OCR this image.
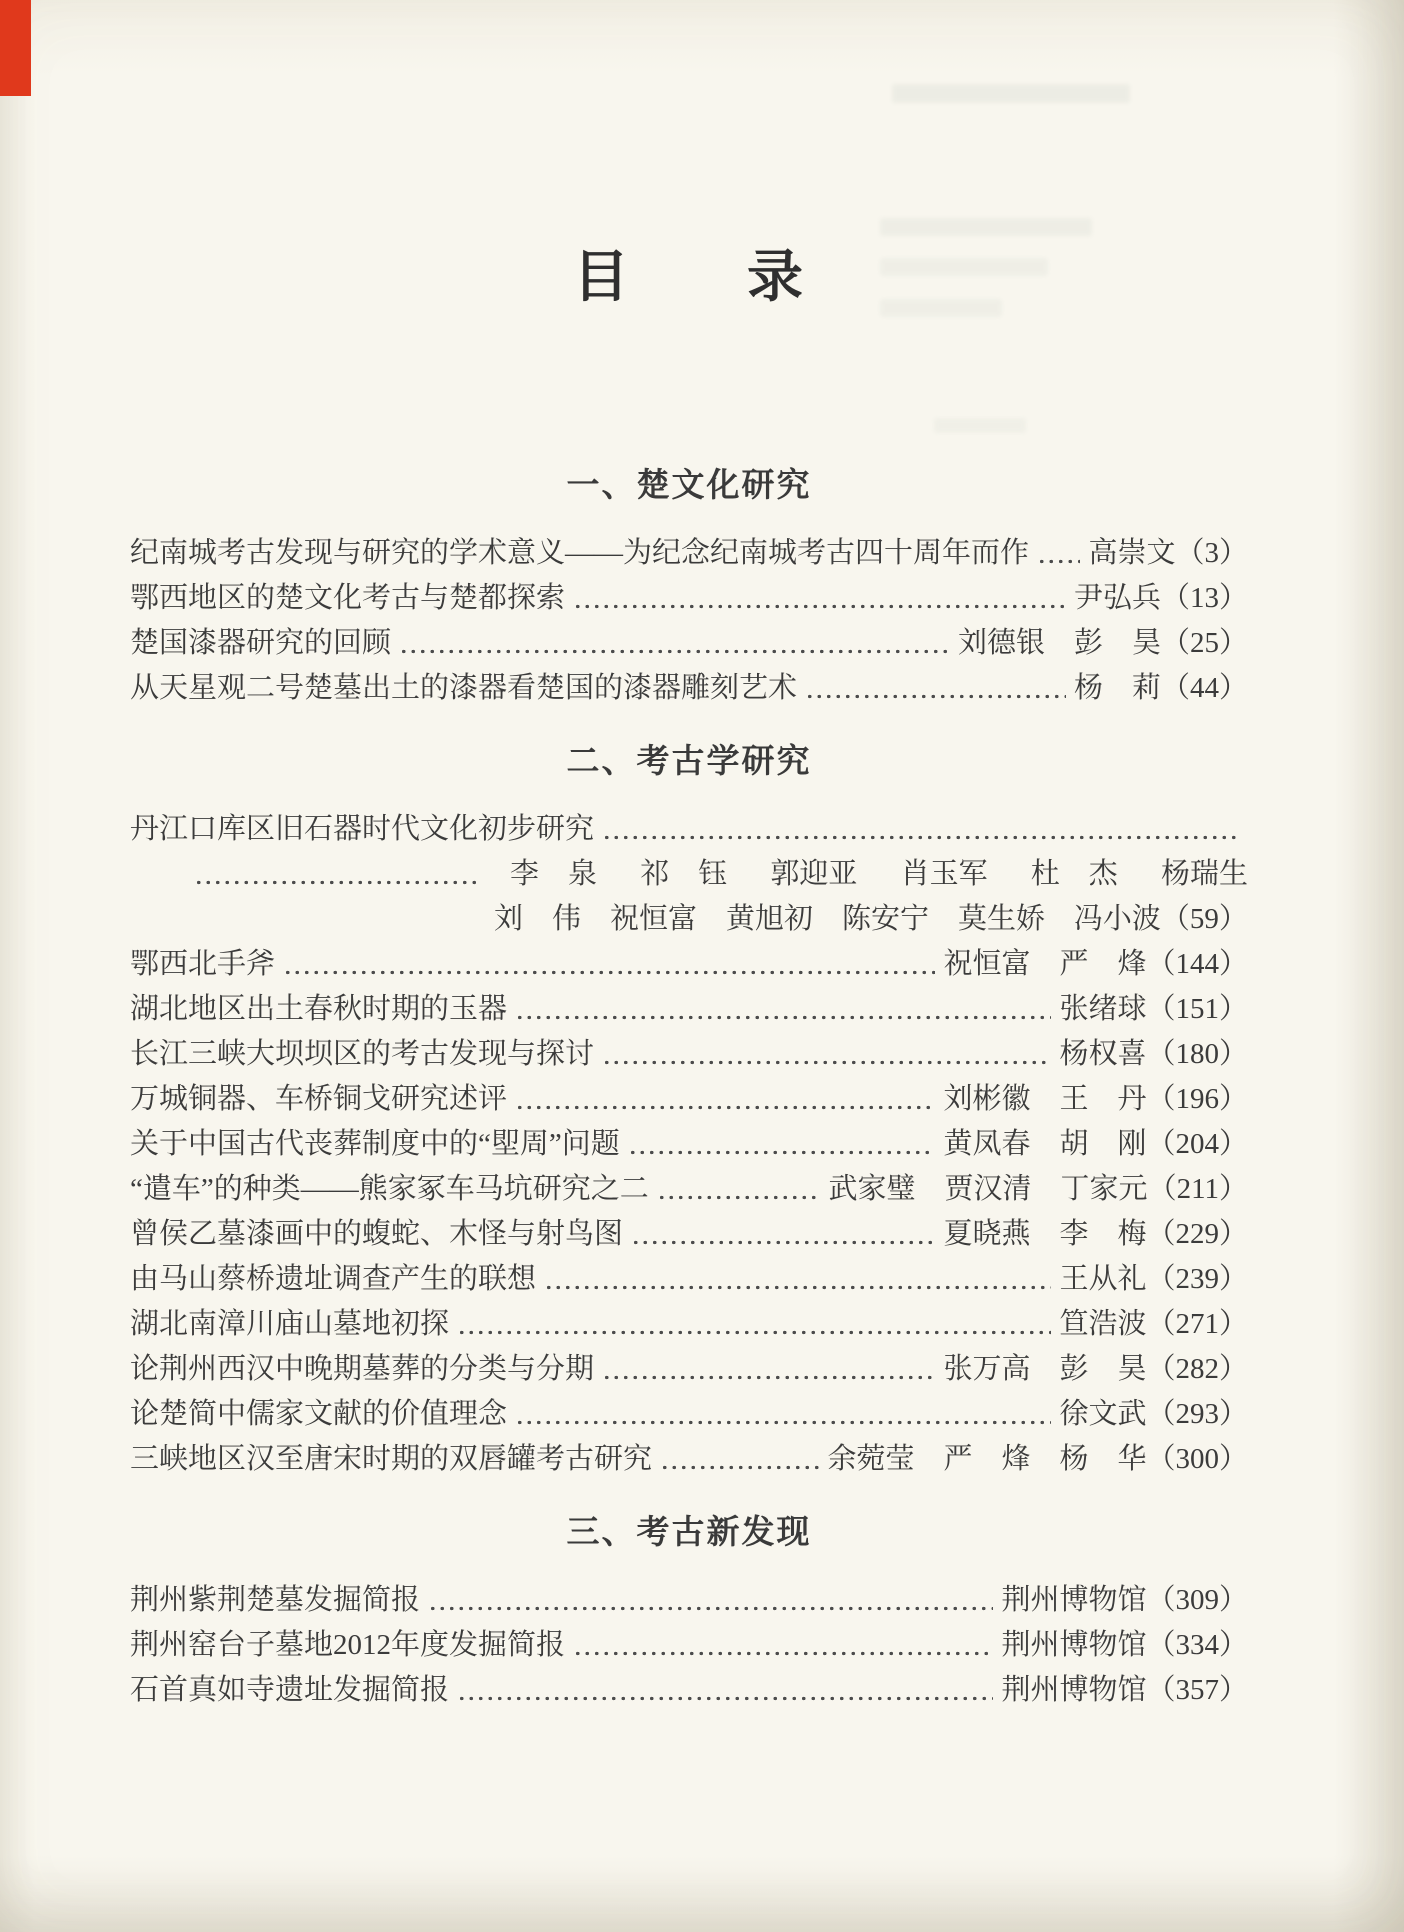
目　　录
一、楚文化研究
纪南城考古发现与研究的学术意义——为纪念纪南城考古四十周年而作 高崇文 （3）
鄂西地区的楚文化考古与楚都探索	尹弘兵 （13）
楚国漆器研究的回顾	刘德银　彭　昊 （25）
从天星观二号楚墓出土的漆器看楚国的漆器雕刻艺术	杨　莉 （44）
二、考古学研究
丹江口库区旧石器时代文化初步研究
李　泉 祁　钰 郭迎亚 肖玉军 杜　杰 杨瑞生
刘　伟 祝恒富 黄旭初 陈安宁 莫生娇 冯小波（59）
鄂西北手斧	祝恒富　严　烽 （144）
湖北地区出土春秋时期的玉器	张绪球 （151）
长江三峡大坝坝区的考古发现与探讨	杨权喜 （180）
万城铜器、车桥铜戈研究述评	刘彬徽　王　丹 （196）
关于中国古代丧葬制度中的“堲周”问题	黄凤春　胡　刚 （204）
“遣车”的种类——熊家冢车马坑研究之二	武家璧　贾汉清　丁家元 （211）
曾侯乙墓漆画中的蝮蛇、木怪与射鸟图	夏晓燕　李　梅 （229）
由马山蔡桥遗址调查产生的联想	王从礼 （239）
湖北南漳川庙山墓地初探	笪浩波 （271）
论荆州西汉中晚期墓葬的分类与分期	张万高　彭　昊 （282）
论楚简中儒家文献的价值理念	徐文武 （293）
三峡地区汉至唐宋时期的双唇罐考古研究	余菀莹　严　烽　杨　华 （300）
三、考古新发现
荆州紫荆楚墓发掘简报	荆州博物馆 （309）
荆州窑台子墓地2012年度发掘简报	荆州博物馆 （334）
石首真如寺遗址发掘简报	荆州博物馆 （357）
